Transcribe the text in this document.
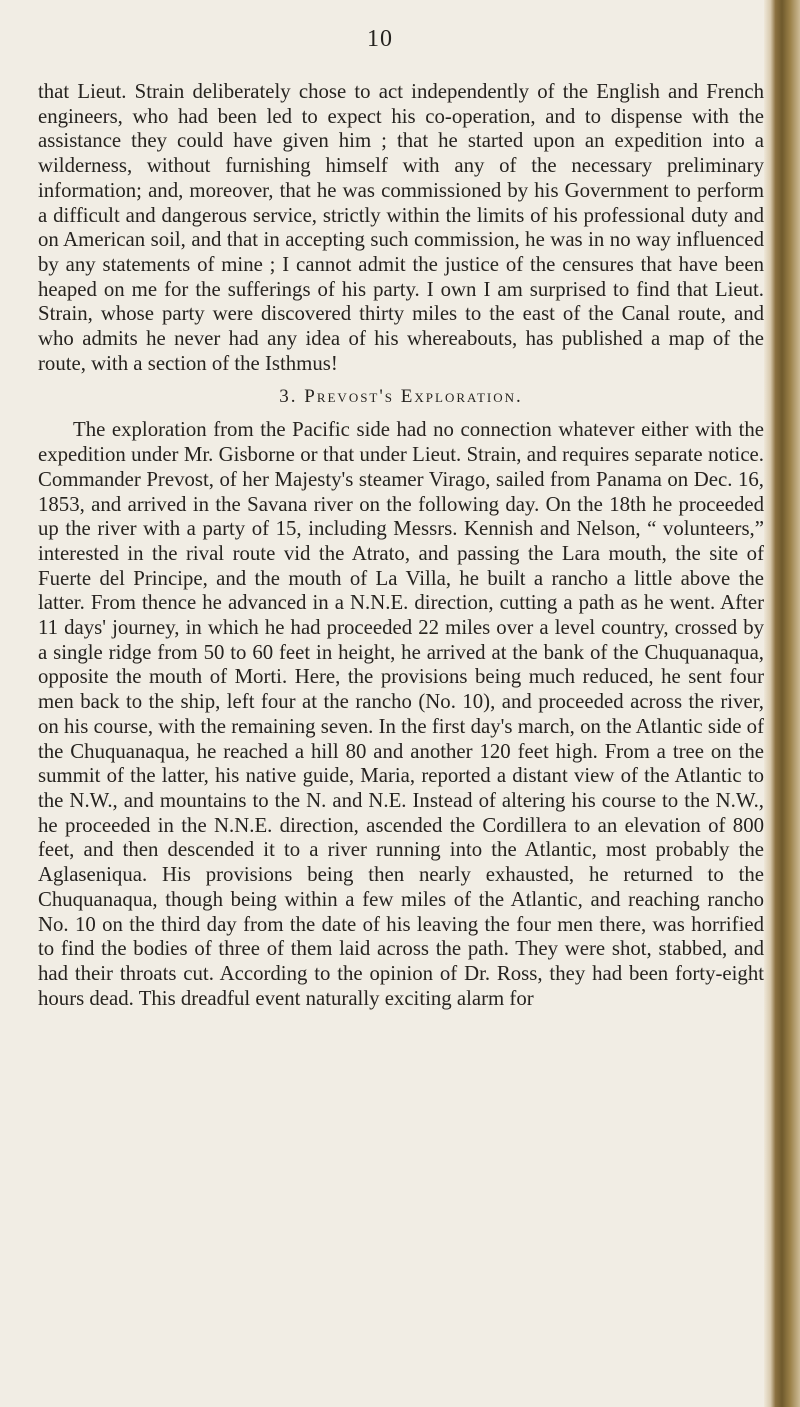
10

that Lieut. Strain deliberately chose to act independently of the English and French engineers, who had been led to expect his co-operation, and to dispense with the assistance they could have given him ; that he started upon an expedition into a wilderness, without furnishing himself with any of the necessary preliminary information; and, moreover, that he was commissioned by his Government to perform a difficult and dangerous service, strictly within the limits of his professional duty and on American soil, and that in accepting such commission, he was in no way influenced by any statements of mine ; I cannot admit the justice of the censures that have been heaped on me for the sufferings of his party. I own I am surprised to find that Lieut. Strain, whose party were discovered thirty miles to the east of the Canal route, and who admits he never had any idea of his whereabouts, has published a map of the route, with a section of the Isthmus!

3. Prevost's Exploration.

The exploration from the Pacific side had no connection whatever either with the expedition under Mr. Gisborne or that under Lieut. Strain, and requires separate notice. Commander Prevost, of her Majesty's steamer Virago, sailed from Panama on Dec. 16, 1853, and arrived in the Savana river on the following day. On the 18th he proceeded up the river with a party of 15, including Messrs. Kennish and Nelson, “ volunteers,” interested in the rival route vid the Atrato, and passing the Lara mouth, the site of Fuerte del Principe, and the mouth of La Villa, he built a rancho a little above the latter. From thence he advanced in a N.N.E. direction, cutting a path as he went. After 11 days' journey, in which he had proceeded 22 miles over a level country, crossed by a single ridge from 50 to 60 feet in height, he arrived at the bank of the Chuquanaqua, opposite the mouth of Morti. Here, the provisions being much reduced, he sent four men back to the ship, left four at the rancho (No. 10), and proceeded across the river, on his course, with the remaining seven. In the first day's march, on the Atlantic side of the Chuquanaqua, he reached a hill 80 and another 120 feet high. From a tree on the summit of the latter, his native guide, Maria, reported a distant view of the Atlantic to the N.W., and mountains to the N. and N.E. Instead of altering his course to the N.W., he proceeded in the N.N.E. direction, ascended the Cordillera to an elevation of 800 feet, and then descended it to a river running into the Atlantic, most probably the Aglaseniqua. His provisions being then nearly exhausted, he returned to the Chuquanaqua, though being within a few miles of the Atlantic, and reaching rancho No. 10 on the third day from the date of his leaving the four men there, was horrified to find the bodies of three of them laid across the path. They were shot, stabbed, and had their throats cut. According to the opinion of Dr. Ross, they had been forty-eight hours dead. This dreadful event naturally exciting alarm for
